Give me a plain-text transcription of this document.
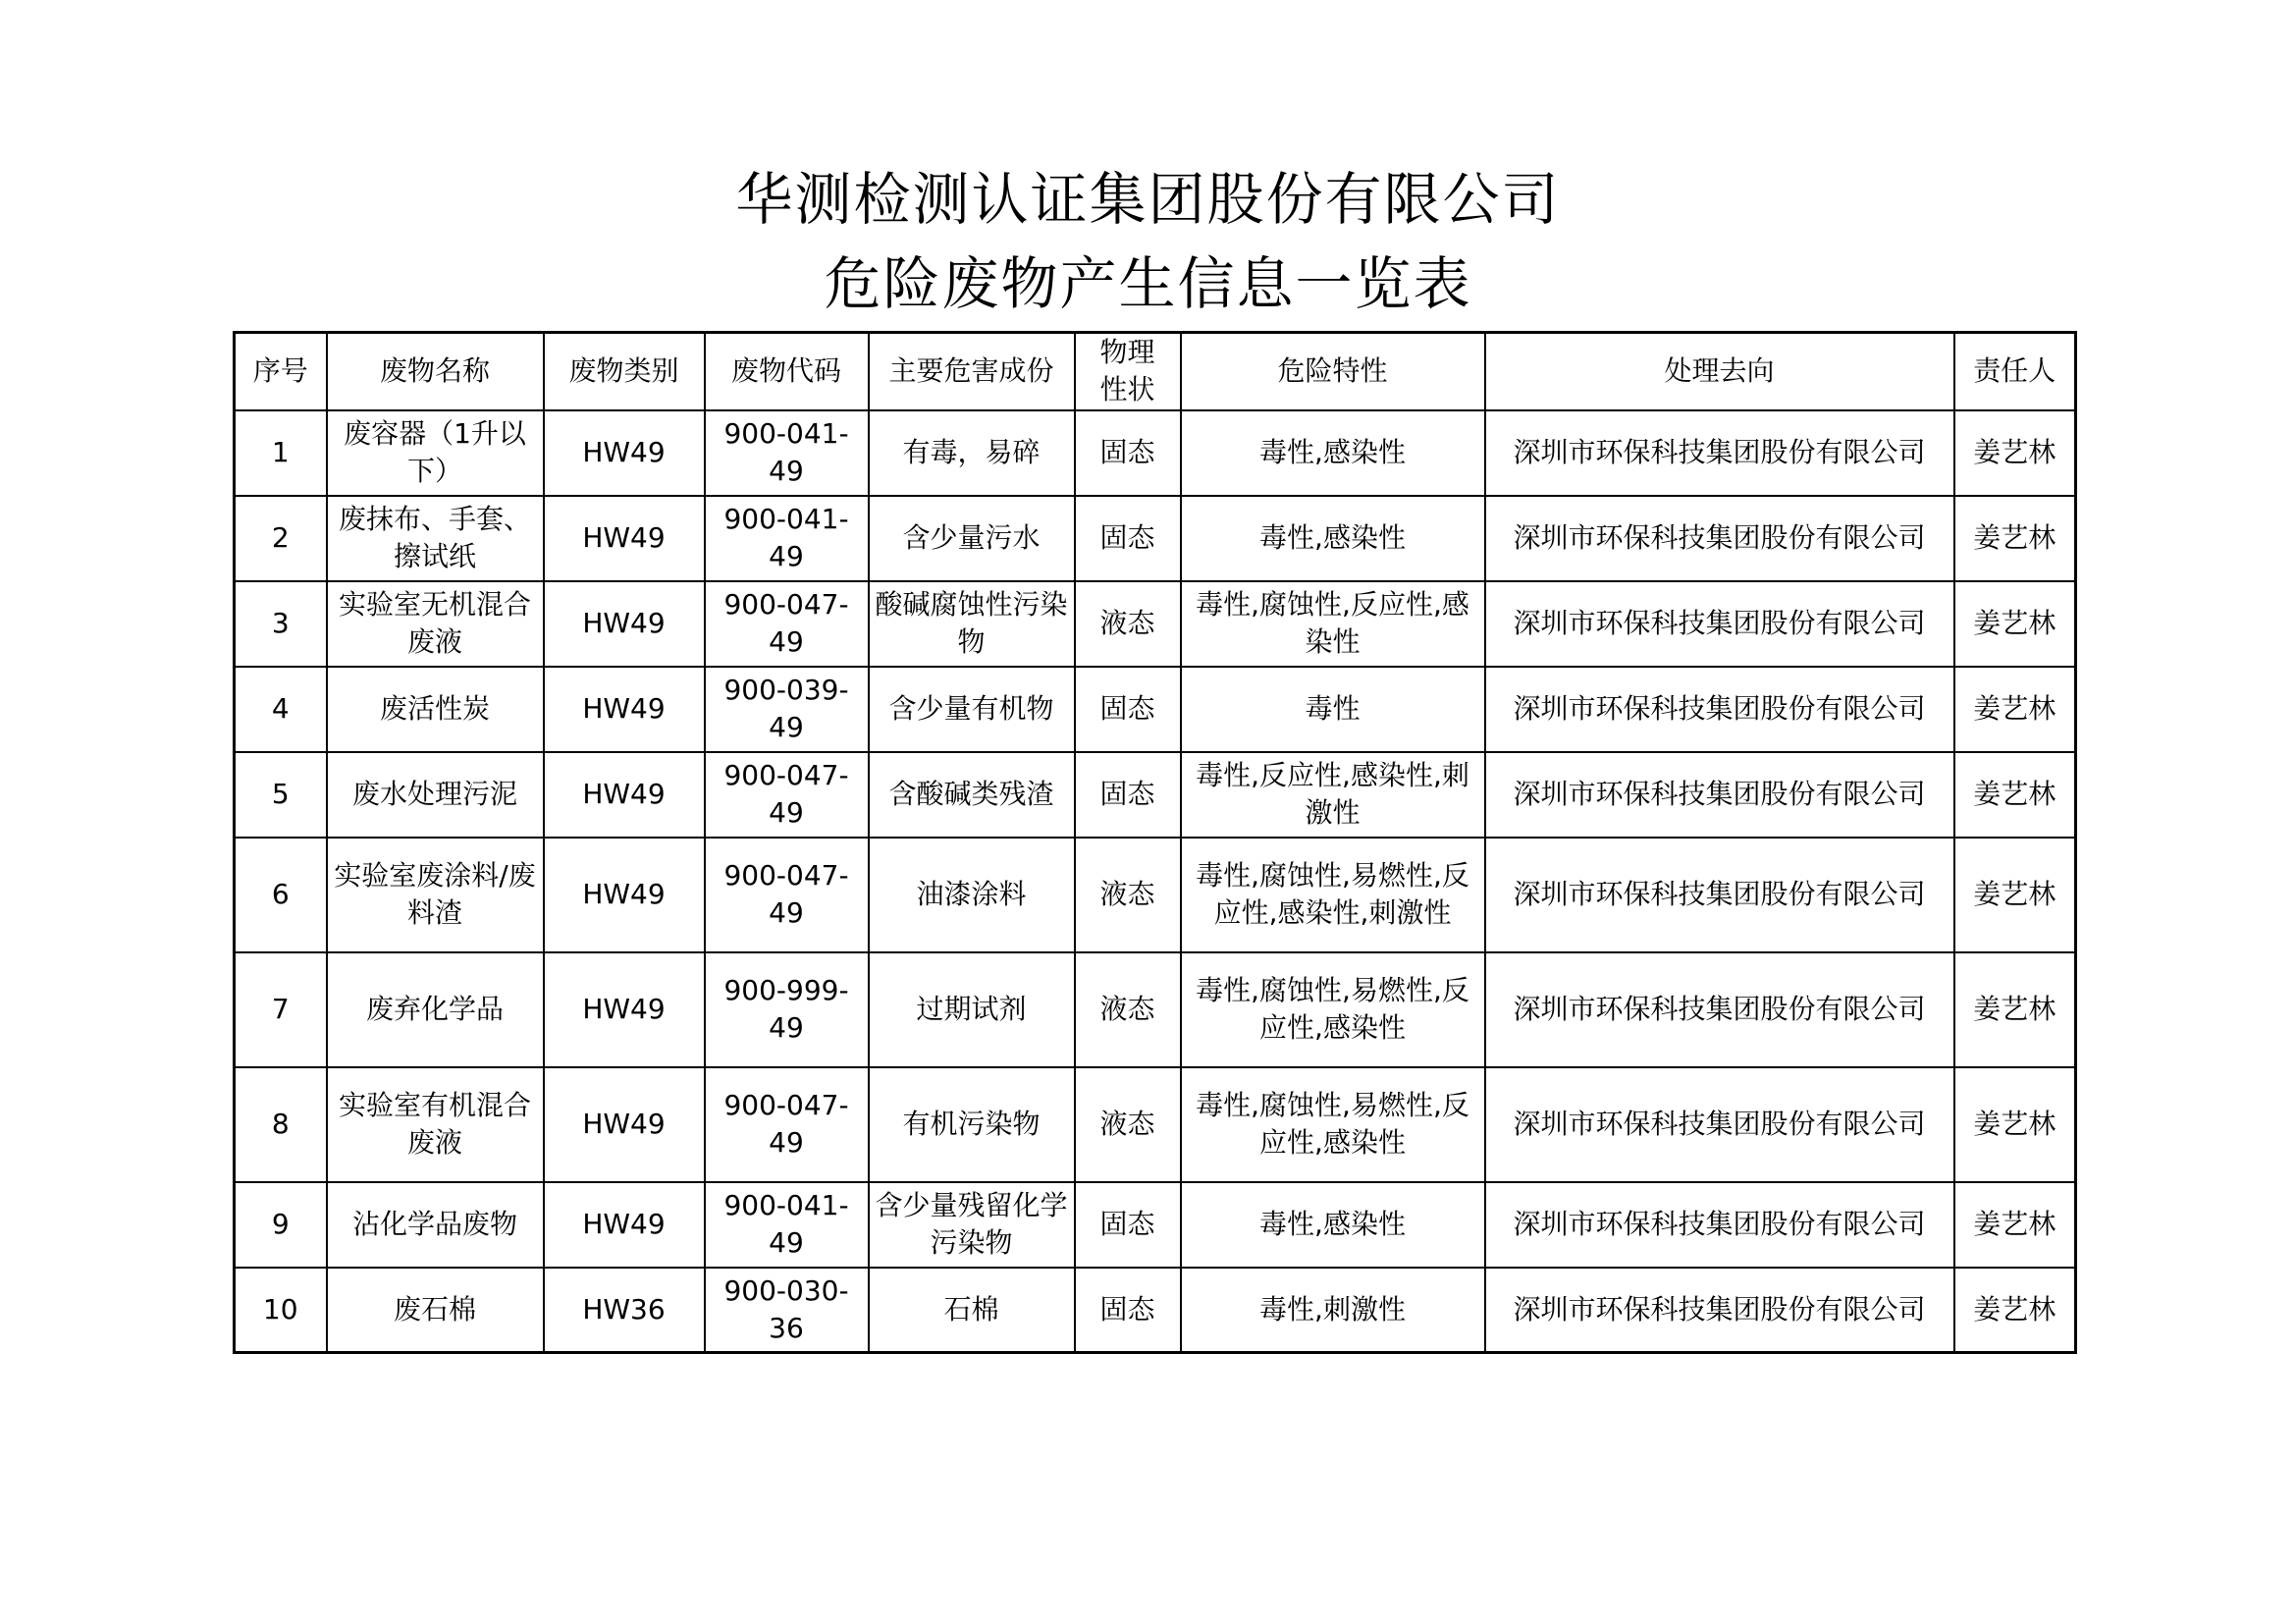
华测检测认证集团股份有限公司
危险废物产生信息一览表
序号	废物名称	废物类别	废物代码	主要危害成份	物理性状	危险特性	处理去向	责任人
1	废容器（1升以下）	HW49	900-041-49	有毒，易碎	固态	毒性,感染性	深圳市环保科技集团股份有限公司	姜艺林
2	废抹布、手套、擦试纸	HW49	900-041-49	含少量污水	固态	毒性,感染性	深圳市环保科技集团股份有限公司	姜艺林
3	实验室无机混合废液	HW49	900-047-49	酸碱腐蚀性污染物	液态	毒性,腐蚀性,反应性,感染性	深圳市环保科技集团股份有限公司	姜艺林
4	废活性炭	HW49	900-039-49	含少量有机物	固态	毒性	深圳市环保科技集团股份有限公司	姜艺林
5	废水处理污泥	HW49	900-047-49	含酸碱类残渣	固态	毒性,反应性,感染性,刺激性	深圳市环保科技集团股份有限公司	姜艺林
6	实验室废涂料/废料渣	HW49	900-047-49	油漆涂料	液态	毒性,腐蚀性,易燃性,反应性,感染性,刺激性	深圳市环保科技集团股份有限公司	姜艺林
7	废弃化学品	HW49	900-999-49	过期试剂	液态	毒性,腐蚀性,易燃性,反应性,感染性	深圳市环保科技集团股份有限公司	姜艺林
8	实验室有机混合废液	HW49	900-047-49	有机污染物	液态	毒性,腐蚀性,易燃性,反应性,感染性	深圳市环保科技集团股份有限公司	姜艺林
9	沾化学品废物	HW49	900-041-49	含少量残留化学污染物	固态	毒性,感染性	深圳市环保科技集团股份有限公司	姜艺林
10	废石棉	HW36	900-030-36	石棉	固态	毒性,刺激性	深圳市环保科技集团股份有限公司	姜艺林
